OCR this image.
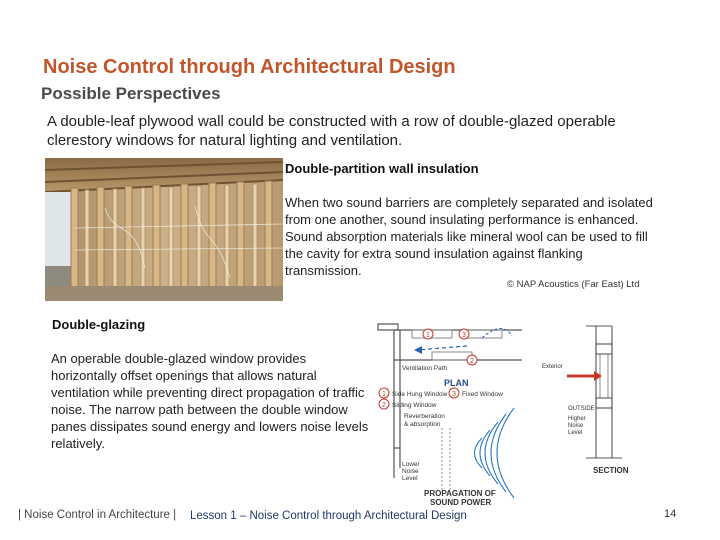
Noise Control through Architectural Design
Possible Perspectives
A double-leaf plywood wall could be constructed with a row of double-glazed operable clerestory windows for natural lighting and ventilation.
Double-partition wall insulation
When two sound barriers are completely separated and isolated from one another, sound insulating performance is enhanced. Sound absorption materials like mineral wool can be used to fill the cavity for extra sound insulation against flanking transmission.
© NAP Acoustics (Far East) Ltd
Double-glazing
An operable double-glazed window provides horizontally offset openings that allows natural ventilation while preventing direct propagation of traffic noise. The narrow path between the double window panes dissipates sound energy and lowers noise levels relatively.
1	3
2
1
2
3
Ventilation Path
Side Hung Window
Sliding Window
Fixed Window
Reverberation
& absorption
Lower
Noise
Level
PLAN
Exterior
Higher
Noise
Level
OUTSIDE
SECTION
PROPAGATION OF
SOUND POWER
| Noise Control in Architecture | Lesson 1 – Noise Control through Architectural Design	14
